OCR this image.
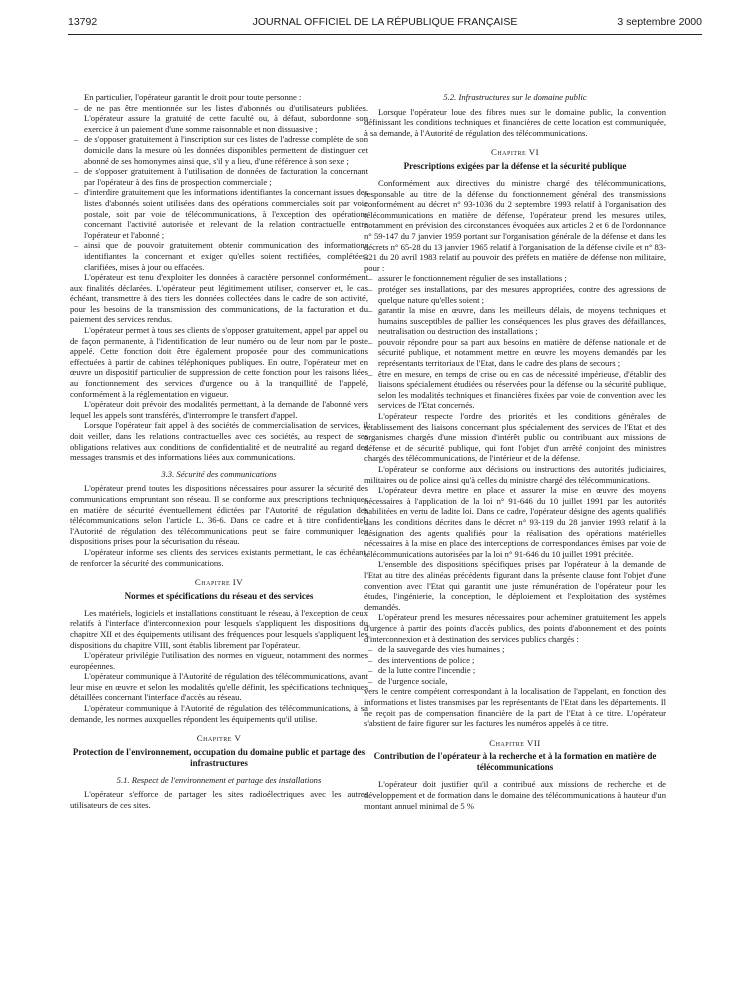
13792	JOURNAL OFFICIEL DE LA RÉPUBLIQUE FRANÇAISE	3 septembre 2000

En particulier, l'opérateur garantit le droit pour toute personne :

– de ne pas être mentionnée sur les listes d'abonnés ou d'utilisateurs publiées. L'opérateur assure la gratuité de cette faculté ou, à défaut, subordonne son exercice à un paiement d'une somme raisonnable et non dissuasive ;
– de s'opposer gratuitement à l'inscription sur ces listes de l'adresse complète de son domicile dans la mesure où les données disponibles permettent de distinguer cet abonné de ses homonymes ainsi que, s'il y a lieu, d'une référence à son sexe ;
– de s'opposer gratuitement à l'utilisation de données de facturation la concernant par l'opérateur à des fins de prospection commerciale ;
– d'interdire gratuitement que les informations identifiantes la concernant issues des listes d'abonnés soient utilisées dans des opérations commerciales soit par voie postale, soit par voie de télécommunications, à l'exception des opérations concernant l'activité autorisée et relevant de la relation contractuelle entre l'opérateur et l'abonné ;
– ainsi que de pouvoir gratuitement obtenir communication des informations identifiantes la concernant et exiger qu'elles soient rectifiées, complétées, clarifiées, mises à jour ou effacées.

L'opérateur est tenu d'exploiter les données à caractère personnel conformément aux finalités déclarées. L'opérateur peut légitimement utiliser, conserver et, le cas échéant, transmettre à des tiers les données collectées dans le cadre de son activité, pour les besoins de la transmission des communications, de la facturation et du paiement des services rendus.

L'opérateur permet à tous ses clients de s'opposer gratuitement, appel par appel ou de façon permanente, à l'identification de leur numéro ou de leur nom par le poste appelé. Cette fonction doit être également proposée pour des communications effectuées à partir de cabines téléphoniques publiques. En outre, l'opérateur met en œuvre un dispositif particulier de suppression de cette fonction pour les raisons liées au fonctionnement des services d'urgence ou à la tranquillité de l'appelé, conformément à la réglementation en vigueur.

L'opérateur doit prévoir des modalités permettant, à la demande de l'abonné vers lequel les appels sont transférés, d'interrompre le transfert d'appel.

Lorsque l'opérateur fait appel à des sociétés de commercialisation de services, il doit veiller, dans les relations contractuelles avec ces sociétés, au respect de ses obligations relatives aux conditions de confidentialité et de neutralité au regard des messages transmis et des informations liées aux communications.

3.3. Sécurité des communications

L'opérateur prend toutes les dispositions nécessaires pour assurer la sécurité des communications empruntant son réseau. Il se conforme aux prescriptions techniques en matière de sécurité éventuellement édictées par l'Autorité de régulation des télécommunications selon l'article L. 36-6. Dans ce cadre et à titre confidentiel, l'Autorité de régulation des télécommunications peut se faire communiquer les dispositions prises pour la sécurisation du réseau.

L'opérateur informe ses clients des services existants permettant, le cas échéant, de renforcer la sécurité des communications.

Chapitre IV
Normes et spécifications du réseau et des services

Les matériels, logiciels et installations constituant le réseau, à l'exception de ceux relatifs à l'interface d'interconnexion pour lesquels s'appliquent les dispositions du chapitre XII et des équipements utilisant des fréquences pour lesquels s'appliquent les dispositions du chapitre VIII, sont établis librement par l'opérateur.

L'opérateur privilégie l'utilisation des normes en vigueur, notamment des normes européennes.

L'opérateur communique à l'Autorité de régulation des télécommunications, avant leur mise en œuvre et selon les modalités qu'elle définit, les spécifications techniques détaillées concernant l'interface d'accès au réseau.

L'opérateur communique à l'Autorité de régulation des télécommunications, à sa demande, les normes auxquelles répondent les équipements qu'il utilise.

Chapitre V
Protection de l'environnement, occupation du domaine public et partage des infrastructures
5.1. Respect de l'environnement et partage des installations

L'opérateur s'efforce de partager les sites radioélectriques avec les autres utilisateurs de ces sites.

5.2. Infrastructures sur le domaine public

Lorsque l'opérateur loue des fibres nues sur le domaine public, la convention définissant les conditions techniques et financières de cette location est communiquée, à sa demande, à l'Autorité de régulation des télécommunications.

Chapitre VI
Prescriptions exigées par la défense et la sécurité publique

Conformément aux directives du ministre chargé des télécommunications, responsable au titre de la défense du fonctionnement général des transmissions conformément au décret n° 93-1036 du 2 septembre 1993 relatif à l'organisation des télécommunications en matière de défense, l'opérateur prend les mesures utiles, notamment en prévision des circonstances évoquées aux articles 2 et 6 de l'ordonnance n° 59-147 du 7 janvier 1959 portant sur l'organisation générale de la défense et dans les décrets n° 65-28 du 13 janvier 1965 relatif à l'organisation de la défense civile et n° 83-321 du 20 avril 1983 relatif au pouvoir des préfets en matière de défense non militaire, pour :

– assurer le fonctionnement régulier de ses installations ;
– protéger ses installations, par des mesures appropriées, contre des agressions de quelque nature qu'elles soient ;
– garantir la mise en œuvre, dans les meilleurs délais, de moyens techniques et humains susceptibles de pallier les conséquences les plus graves des défaillances, neutralisation ou destruction des installations ;
– pouvoir répondre pour sa part aux besoins en matière de défense nationale et de sécurité publique, et notamment mettre en œuvre les moyens demandés par les représentants territoriaux de l'Etat, dans le cadre des plans de secours ;
– être en mesure, en temps de crise ou en cas de nécessité impérieuse, d'établir des liaisons spécialement étudiées ou réservées pour la défense ou la sécurité publique, selon les modalités techniques et financières fixées par voie de convention avec les services de l'Etat concernés.

L'opérateur respecte l'ordre des priorités et les conditions générales de rétablissement des liaisons concernant plus spécialement des services de l'Etat et des organismes chargés d'une mission d'intérêt public ou contribuant aux missions de défense et de sécurité publique, qui font l'objet d'un arrêté conjoint des ministres chargés des télécommunications, de l'intérieur et de la défense.

L'opérateur se conforme aux décisions ou instructions des autorités judiciaires, militaires ou de police ainsi qu'à celles du ministre chargé des télécommunications.

L'opérateur devra mettre en place et assurer la mise en œuvre des moyens nécessaires à l'application de la loi n° 91-646 du 10 juillet 1991 par les autorités habilitées en vertu de ladite loi. Dans ce cadre, l'opérateur désigne des agents qualifiés dans les conditions décrites dans le décret n° 93-119 du 28 janvier 1993 relatif à la désignation des agents qualifiés pour la réalisation des opérations matérielles nécessaires à la mise en place des interceptions de correspondances émises par voie de télécommunications autorisées par la loi n° 91-646 du 10 juillet 1991 précitée.

L'ensemble des dispositions spécifiques prises par l'opérateur à la demande de l'Etat au titre des alinéas précédents figurant dans la présente clause font l'objet d'une convention avec l'Etat qui garantit une juste rémunération de l'opérateur pour les études, l'ingénierie, la conception, le déploiement et l'exploitation des systèmes demandés.

L'opérateur prend les mesures nécessaires pour acheminer gratuitement les appels d'urgence à partir des points d'accès publics, des points d'abonnement et des points d'interconnexion et à destination des services publics chargés :

– de la sauvegarde des vies humaines ;
– des interventions de police ;
– de la lutte contre l'incendie ;
– de l'urgence sociale,

vers le centre compétent correspondant à la localisation de l'appelant, en fonction des informations et listes transmises par les représentants de l'Etat dans les départements. Il ne reçoit pas de compensation financière de la part de l'Etat à ce titre. L'opérateur s'abstient de faire figurer sur les factures les numéros appelés à ce titre.

Chapitre VII
Contribution de l'opérateur à la recherche et à la formation en matière de télécommunications

L'opérateur doit justifier qu'il a contribué aux missions de recherche et de développement et de formation dans le domaine des télécommunications à hauteur d'un montant annuel minimal de 5 %
